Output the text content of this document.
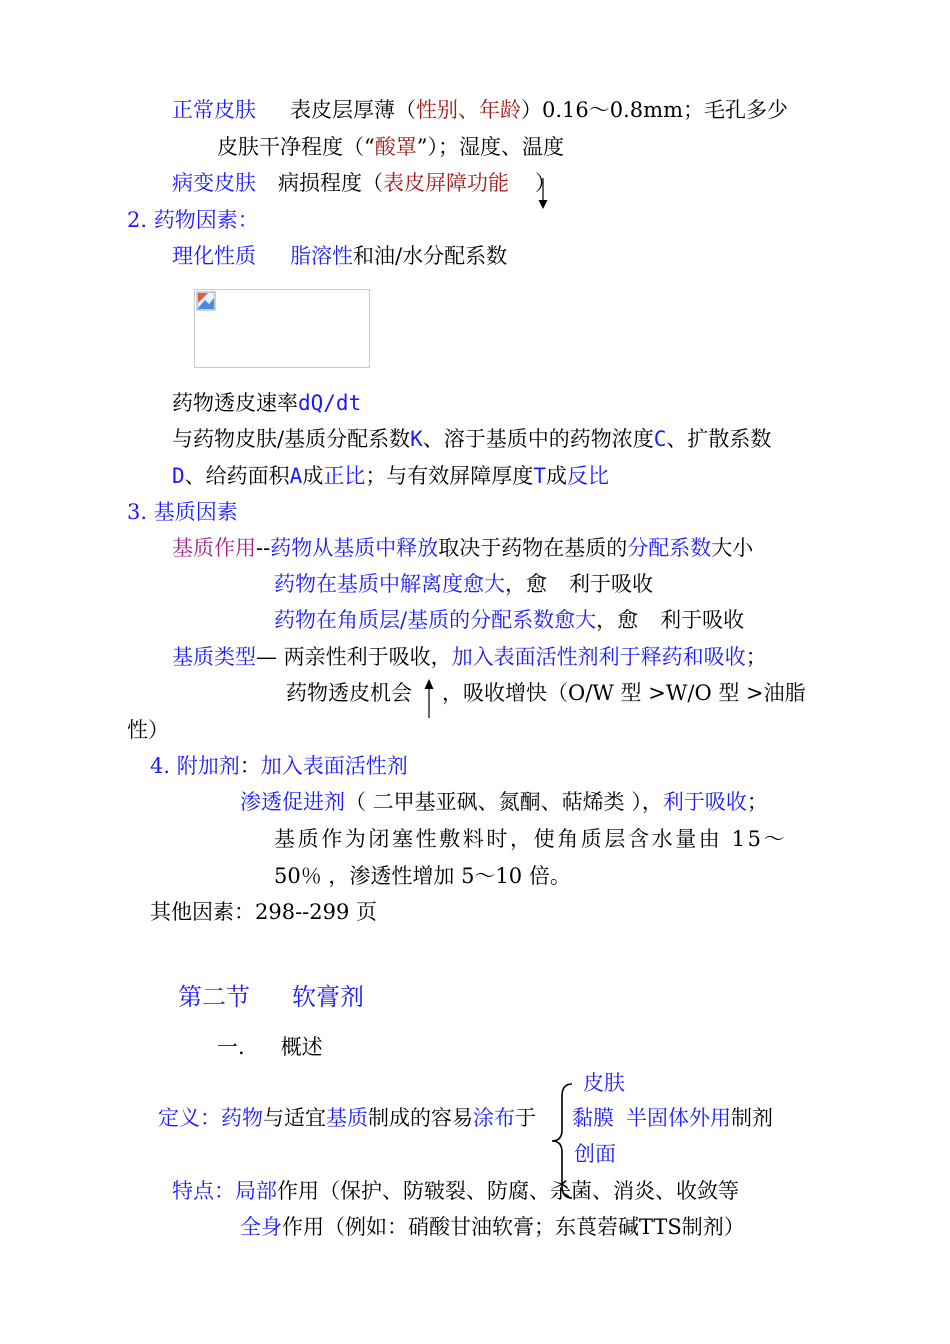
正常皮肤 表皮层厚薄（性别、年龄）0.16～0.8mm；毛孔多少
皮肤干净程度（“酸罩”）；湿度、温度
病变皮肤 病损程度（表皮屏障功能 ）
2. 药物因素：
理化性质 脂溶性和油/水分配系数
药物透皮速率dQ/dt
与药物皮肤/基质分配系数K、溶于基质中的药物浓度C、扩散系数
D、给药面积A成正比；与有效屏障厚度T成反比
3. 基质因素
基质作用--药物从基质中释放取决于药物在基质的分配系数大小
药物在基质中解离度愈大，愈 利于吸收
药物在角质层/基质的分配系数愈大，愈 利于吸收
基质类型— 两亲性利于吸收，加入表面活性剂利于释药和吸收；
药物透皮机会 ，吸收增快（O/W 型 >W/O 型 >油脂
性）
4. 附加剂：加入表面活性剂
渗透促进剂（ 二甲基亚砜、氮酮、萜烯类 ），利于吸收；
基质作为闭塞性敷料时，使角质层含水量由 15～
50％ ，渗透性增加 5～10 倍。
其他因素：298--299 页
第二节 软膏剂
一. 概述
皮肤
定义：药物与适宜基质制成的容易涂布于 黏膜 半固体外用制剂
创面
特点：局部作用（保护、防皲裂、防腐、杀菌、消炎、收敛等
全身作用（例如：硝酸甘油软膏；东莨菪碱TTS制剂）
